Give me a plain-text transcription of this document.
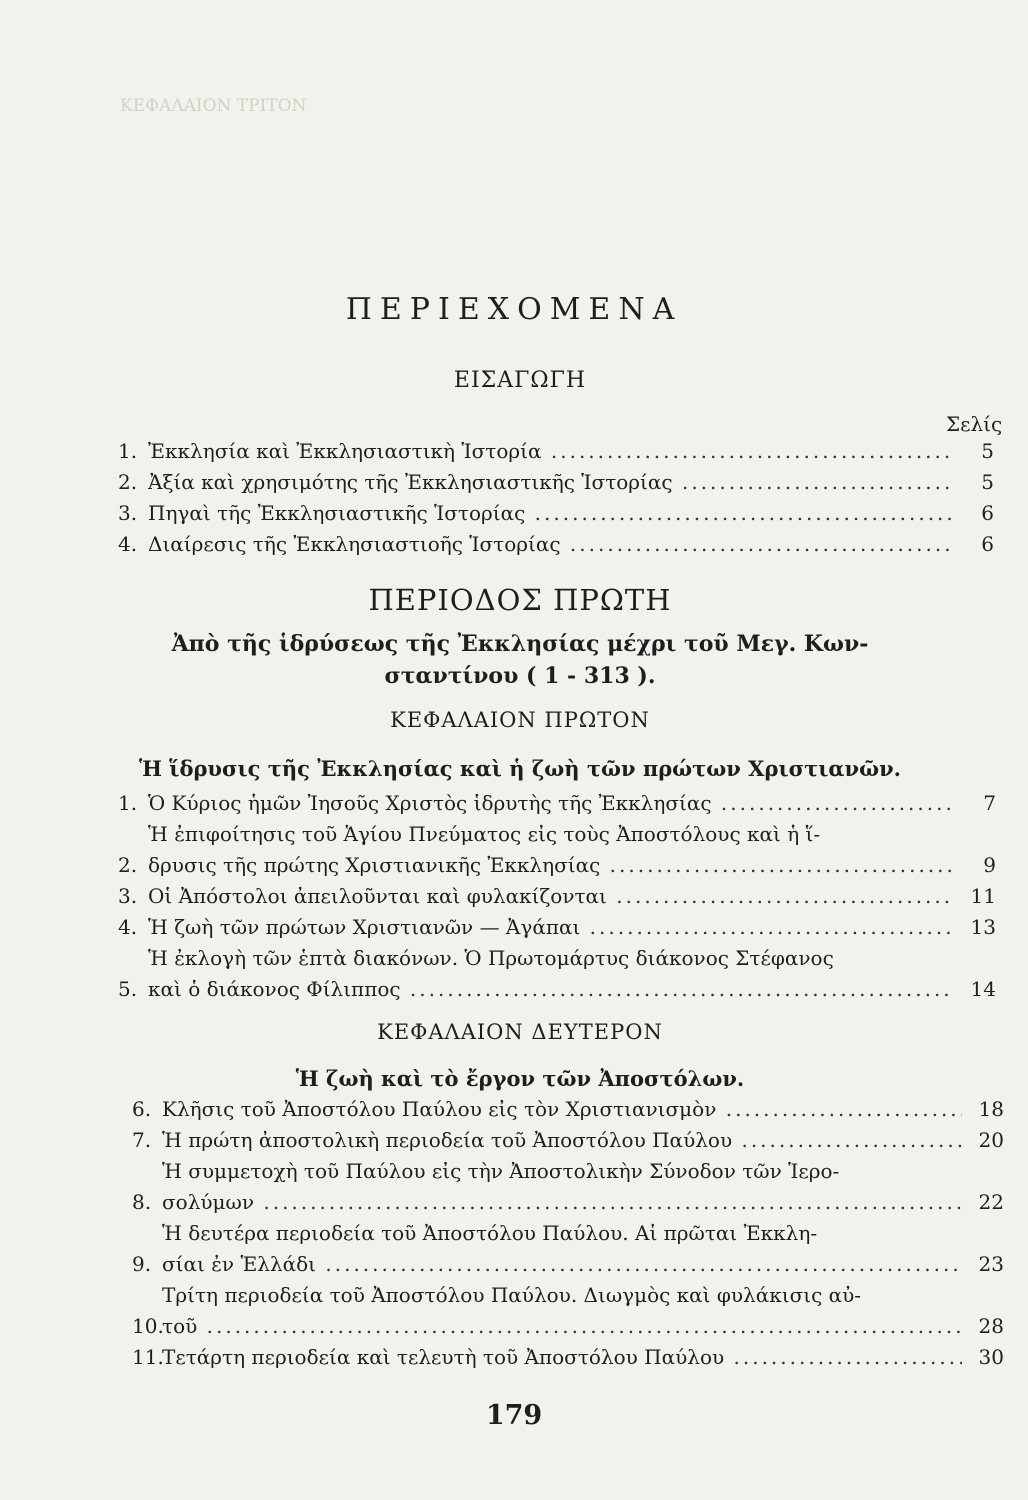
ΚΕΦΑΛΑΙΟΝ ΤΡΙΤΟΝ
ΠΕΡΙΕΧΟΜΕΝΑ
ΕΙΣΑΓΩΓΗ
Σελίς
1. Ἐκκλησία καὶ Ἐκκλησιαστικὴ Ἱστορία .....	5
2. Ἀξία καὶ χρησιμότης τῆς Ἐκκλησιαστικῆς Ἱστορίας .....	5
3. Πηγαὶ τῆς Ἐκκλησιαστικῆς Ἱστορίας .....	6
4. Διαίρεσις τῆς Ἐκκλησιαστιοῆς Ἱστορίας .....	6
ΠΕΡΙΟΔΟΣ ΠΡΩΤΗ
Ἀπὸ τῆς ἱδρύσεως τῆς Ἐκκλησίας μέχρι τοῦ Μεγ. Κων-
σταντίνου ( 1 - 313 ).
ΚΕΦΑΛΑΙΟΝ ΠΡΩΤΟΝ
Ἡ ἵδρυσις τῆς Ἐκκλησίας καὶ ἡ ζωὴ τῶν πρώτων Χριστιανῶν.
1. Ὁ Κύριος ἡμῶν Ἰησοῦς Χριστὸς ἱδρυτὴς τῆς Ἐκκλησίας .....	7
2.
Ἡ ἐπιφοίτησις τοῦ Ἁγίου Πνεύματος εἰς τοὺς Ἀποστόλους καὶ ἡ ἵ-
δρυσις τῆς πρώτης Χριστιανικῆς Ἐκκλησίας .....	9
3. Οἱ Ἀπόστολοι ἀπειλοῦνται καὶ φυλακίζονται .....	11
4. Ἡ ζωὴ τῶν πρώτων Χριστιανῶν — Ἀγάπαι .....	13
5.
Ἡ ἐκλογὴ τῶν ἑπτὰ διακόνων. Ὁ Πρωτομάρτυς διάκονος Στέφανος
καὶ ὁ διάκονος Φίλιππος .....	14
ΚΕΦΑΛΑΙΟΝ ΔΕΥΤΕΡΟΝ
Ἡ ζωὴ καὶ τὸ ἔργον τῶν Ἀποστόλων.
6. Κλῆσις τοῦ Ἀποστόλου Παύλου εἰς τὸν Χριστιανισμὸν .....	18
7. Ἡ πρώτη ἀποστολικὴ περιοδεία τοῦ Ἀποστόλου Παύλου .....	20
8.
Ἡ συμμετοχὴ τοῦ Παύλου εἰς τὴν Ἀποστολικὴν Σύνοδον τῶν Ἱερο-
σολύμων .....	22
9.
Ἡ δευτέρα περιοδεία τοῦ Ἀποστόλου Παύλου. Αἱ πρῶται Ἐκκλη-
σίαι ἐν Ἑλλάδι .....	23
10.
Τρίτη περιοδεία τοῦ Ἀποστόλου Παύλου. Διωγμὸς καὶ φυλάκισις αὐ-
τοῦ .....	28
11.
Τετάρτη περιοδεία καὶ τελευτὴ τοῦ Ἀποστόλου Παύλου .....	30
179
